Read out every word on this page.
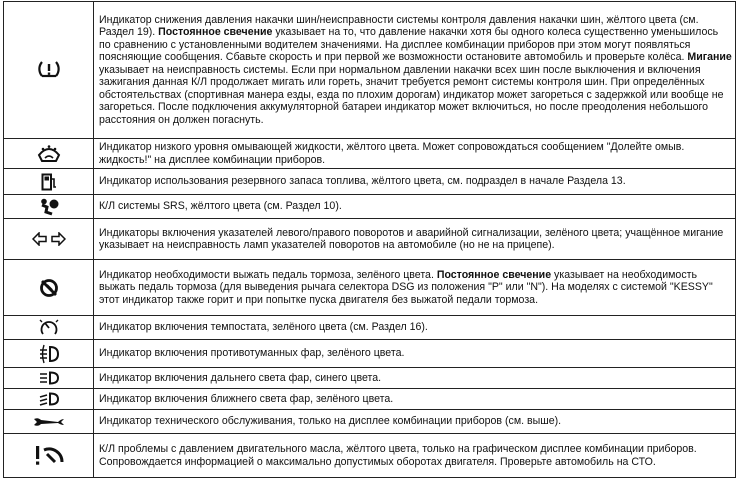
	Индикатор снижения давления накачки шин/неисправности системы контроля давления накачки шин, жёлтого цвета (см. Раздел 19). Постоянное свечение указывает на то, что давление накачки хотя бы одного колеса существенно уменьшилось по сравнению с установленными водителем значениями. На дисплее комбинации приборов при этом могут появляться поясняющие сообщения. Сбавьте скорость и при первой же возможности остановите автомобиль и проверьте колёса. Мигание указывает на неисправность системы. Если при нормальном давлении накачки всех шин после выключения и включения зажигания данная К/Л продолжает мигать или гореть, значит требуется ремонт системы контроля шин. При определённых обстоятельствах (спортивная манера езды, езда по плохим дорогам) индикатор может загореться с задержкой или вообще не загореться. После подключения аккумуляторной батареи индикатор может включиться, но после преодоления небольшого расстояния он должен погаснуть.

	Индикатор низкого уровня омывающей жидкости, жёлтого цвета. Может сопровождаться сообщением "Долейте омыв. жидкость!" на дисплее комбинации приборов.

	Индикатор использования резервного запаса топлива, жёлтого цвета, см. подраздел в начале Раздела 13.

	К/Л системы SRS, жёлтого цвета (см. Раздел 10).

	Индикаторы включения указателей левого/правого поворотов и аварийной сигнализации, зелёного цвета; учащённое мигание указывает на неисправность ламп указателей поворотов на автомобиле (но не на прицепе).

	Индикатор необходимости выжать педаль тормоза, зелёного цвета. Постоянное свечение указывает на необходимость выжать педаль тормоза (для выведения рычага селектора DSG из положения "P" или "N"). На моделях с системой "KESSY" этот индикатор также горит и при попытке пуска двигателя без выжатой педали тормоза.

	Индикатор включения темпостата, зелёного цвета (см. Раздел 16).

	Индикатор включения противотуманных фар, зелёного цвета.

	Индикатор включения дальнего света фар, синего цвета.

	Индикатор включения ближнего света фар, зелёного цвета.

	Индикатор технического обслуживания, только на дисплее комбинации приборов (см. выше).

	К/Л проблемы с давлением двигательного масла, жёлтого цвета, только на графическом дисплее комбинации приборов. Сопровождается информацией о максимально допустимых оборотах двигателя. Проверьте автомобиль на СТО.
